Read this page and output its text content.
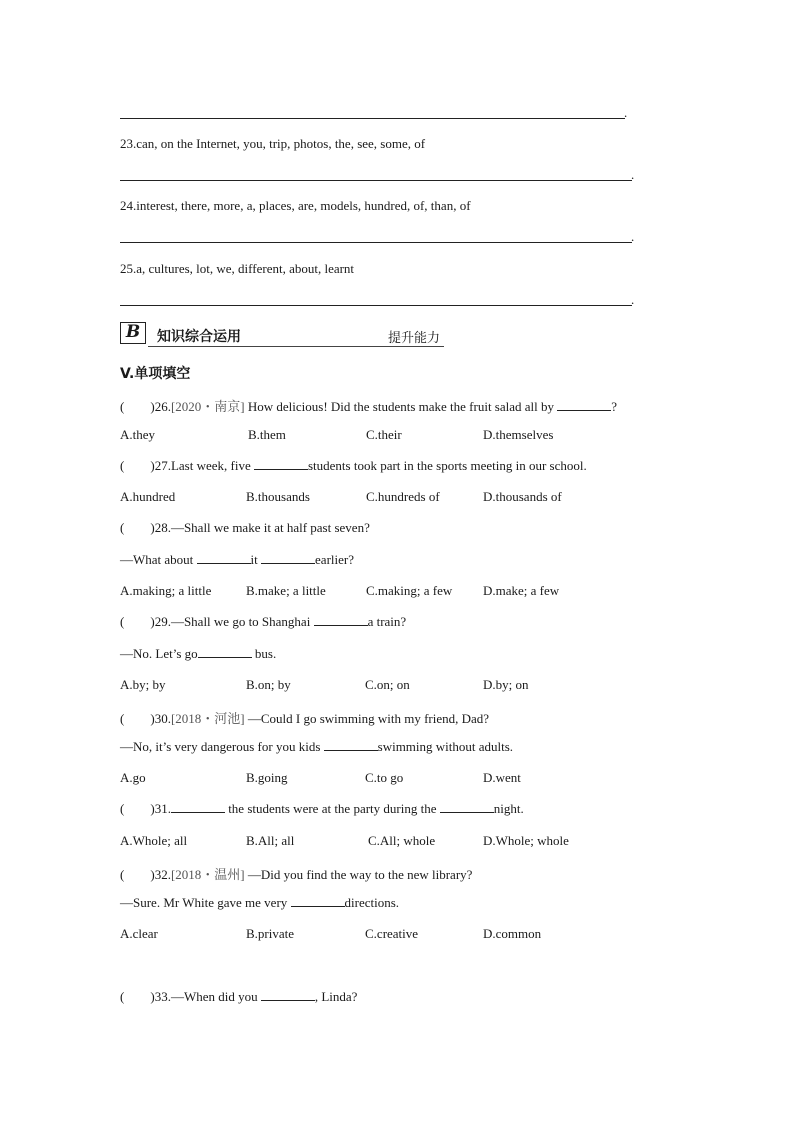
.
23.can, on the Internet, you, trip, photos, the, see, some, of
.
24.interest, there, more, a, places, are, models, hundred, of, than, of
.
25.a, cultures, lot, we, different, about, learnt
.
B	知识综合运用	提升能力
V.单项填空
( )26.[2020・南京] How delicious! Did the students make the fruit salad all by	?
A.they	B.them	C.their	D.themselves
( )27.Last week, five	students took part in the sports meeting in our school.
A.hundred	B.thousands	C.hundreds of	D.thousands of
( )28.—Shall we make it at half past seven?
—What about	it	earlier?
A.making; a little	B.make; a little	C.making; a few D.make; a few
( )29.—Shall we go to Shanghai	a train?
—No. Let’s go	bus.
A.by; by	B.on; by	C.on; on	D.by; on
( )30.[2018・河池] —Could I go swimming with my friend, Dad?
—No, it’s very dangerous for you kids	swimming without adults.
A.go	B.going	C.to go	D.went
( )31.	the students were at the party during the	night.
A.Whole; all	B.All; all	C.All; whole	D.Whole; whole
( )32.[2018・温州] —Did you find the way to the new library?
—Sure. Mr White gave me very	directions.
A.clear	B.private	C.creative	D.common
( )33.—When did you	, Linda?
